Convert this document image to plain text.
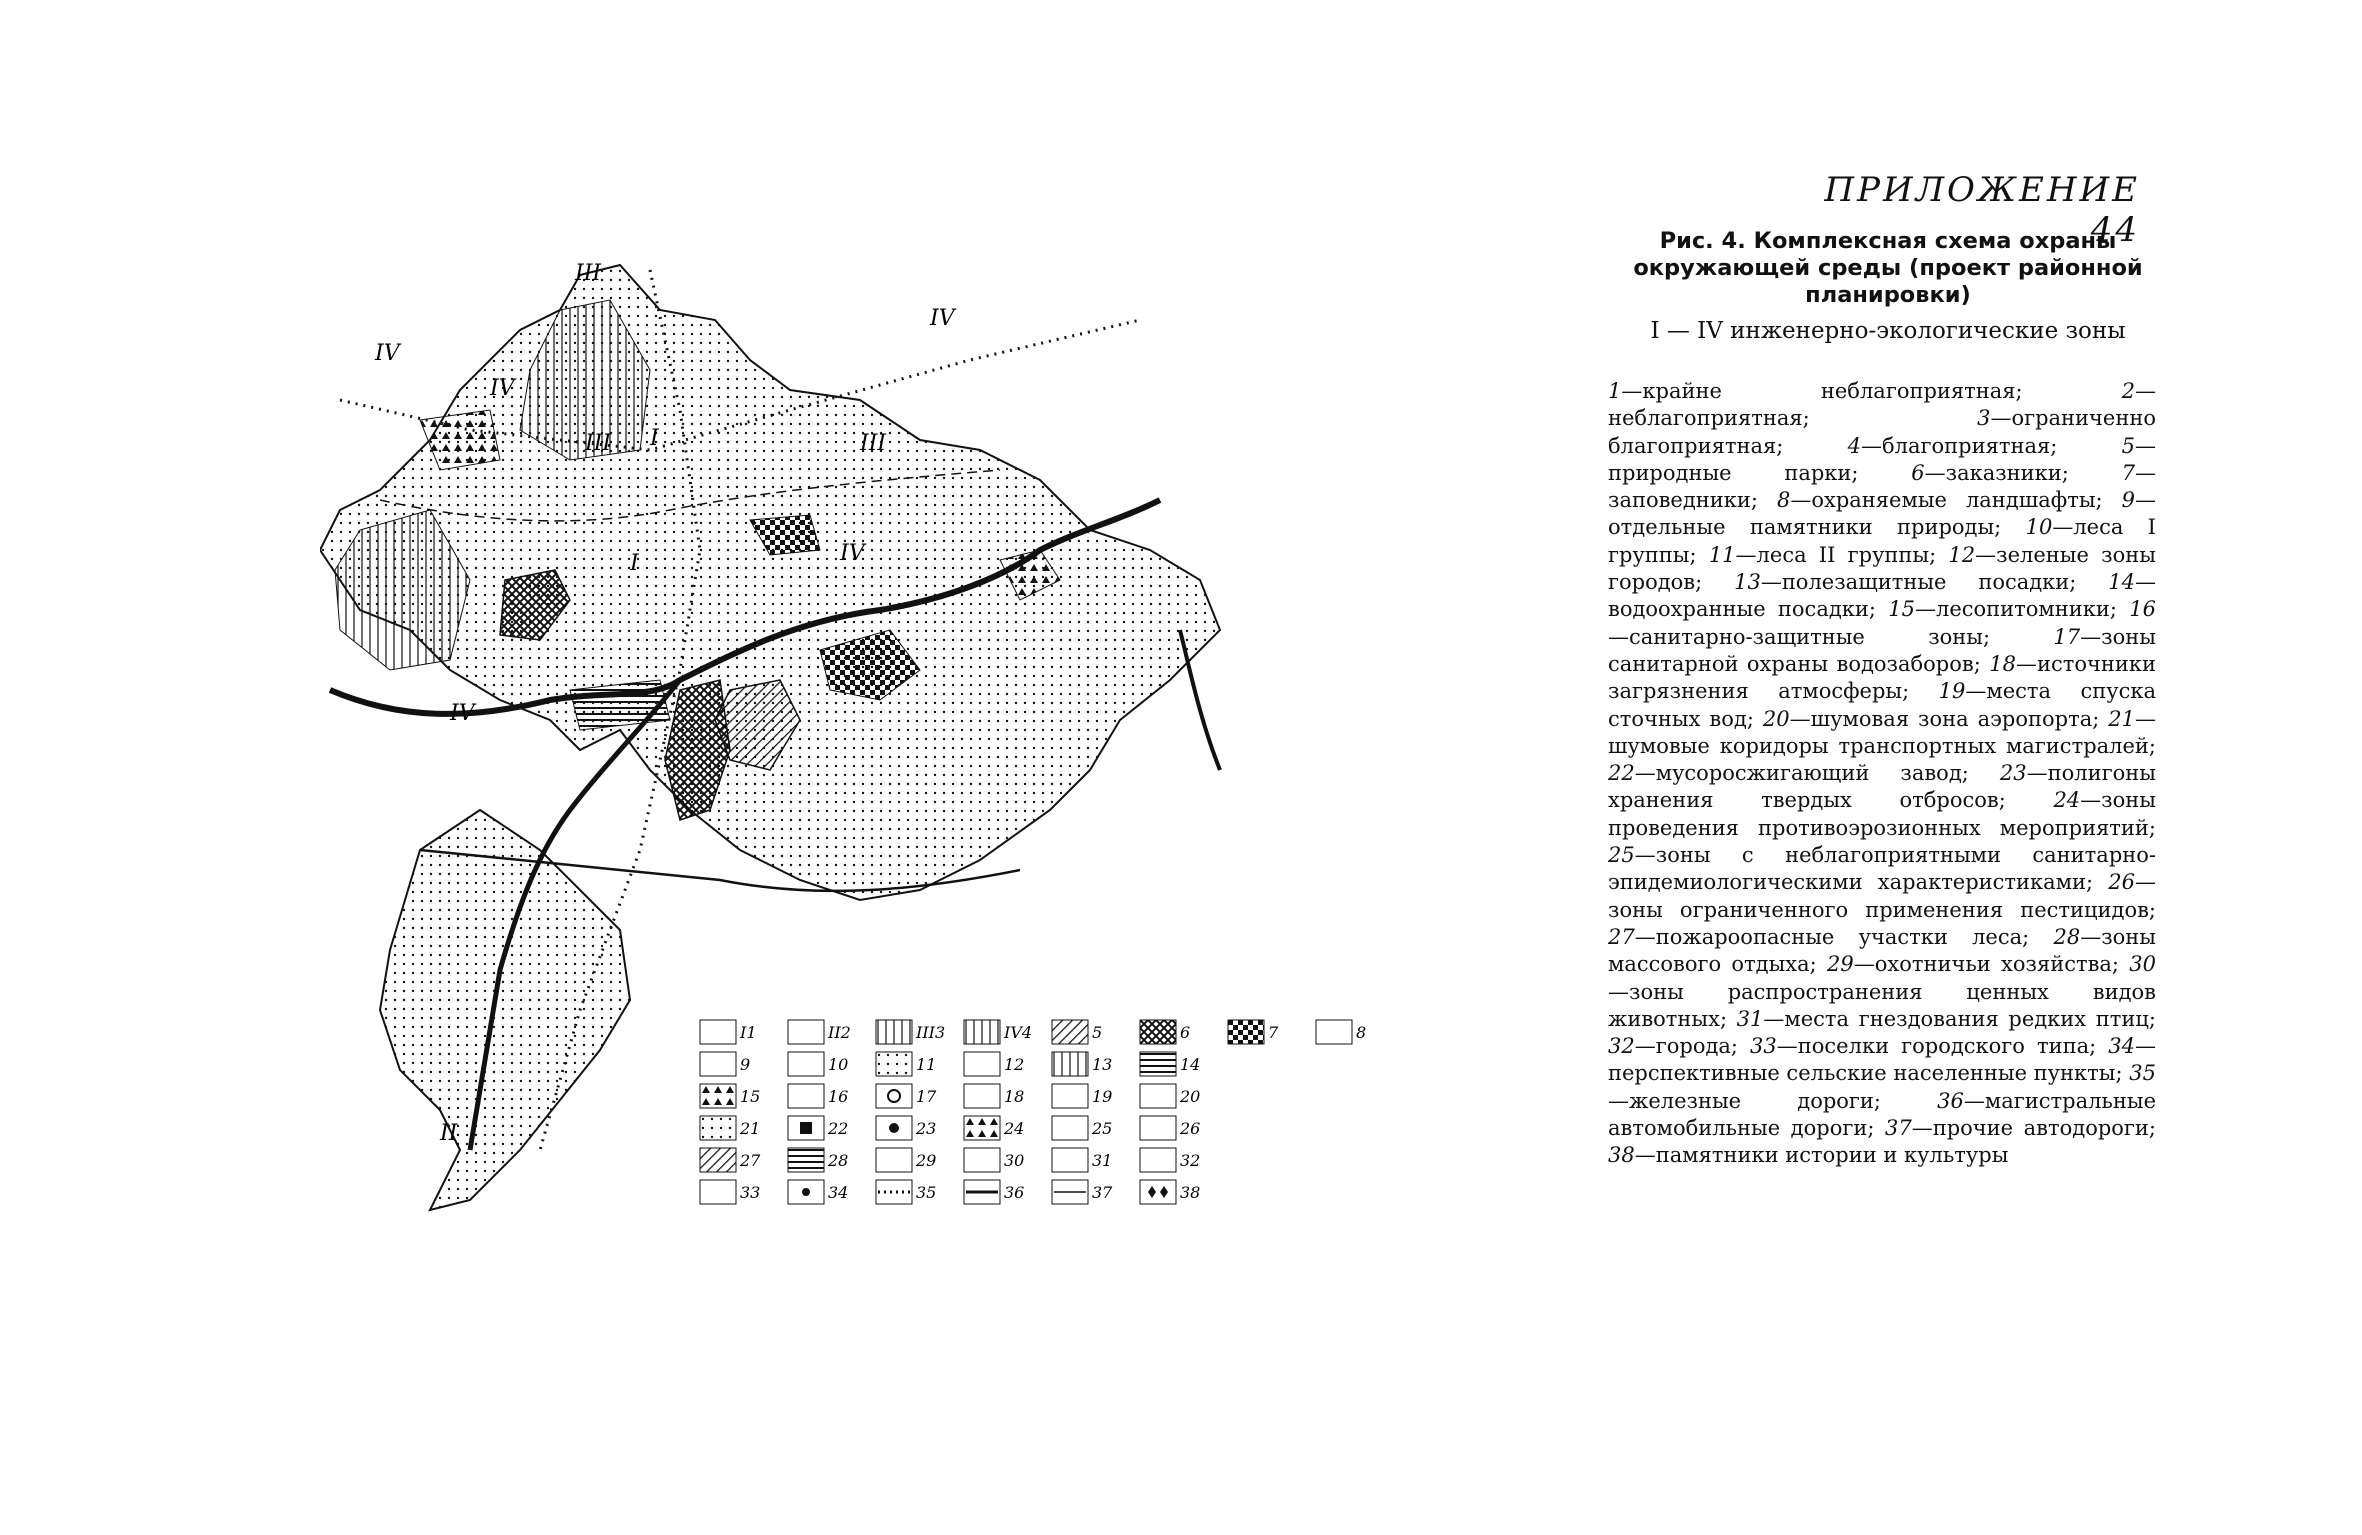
ПРИЛОЖЕНИЕ 44
Рис. 4. Комплексная схема охраны окружающей среды (проект районной планировки)
I — IV инженерно-экологические зоны
1—крайне неблагоприятная;	2—неблагоприятная;	3—ограниченно благоприятная;	4—благоприятная;	5—природные парки;	6—заказники;	7—заповедники; 8—охраняемые ландшафты; 9—отдельные памятники природы; 10—леса I группы; 11—леса II группы; 12—зеленые зоны городов; 13—полезащитные посадки; 14—водоохранные посадки; 15—лесопитомники; 16—санитарно-защитные зоны;	17—зоны санитарной охраны водозаборов; 18—источники загрязнения атмосферы; 19—места спуска сточных вод; 20—шумовая зона аэропорта; 21—шумовые коридоры транспортных магистралей; 22—мусоросжигающий завод; 23—полигоны хранения твердых отбросов; 24—зоны проведения противоэрозионных мероприятий; 25—зоны с неблагоприятными санитарно-эпидемиологическими характеристиками; 26—зоны ограниченного применения пестицидов; 27—пожароопасные участки леса; 28—зоны массового отдыха; 29—охотничьи хозяйства; 30—зоны распространения ценных видов животных; 31—места гнездования редких птиц; 32—города; 33—поселки городского типа; 34—перспективные сельские населенные пункты; 35—железные дороги;	36—магистральные автомобильные дороги; 37—прочие автодороги; 38—памятники истории и культуры
III
IV
III I
IV
IV
I
IV
II
IV
III
I1	II2	III3	IV4	5	6	7	8
9	10	11	12	13	14
15	16	17	18	19	20
21	22	23	24	25	26
27	28	29	30	31	32
33	34	35	36	37	38
